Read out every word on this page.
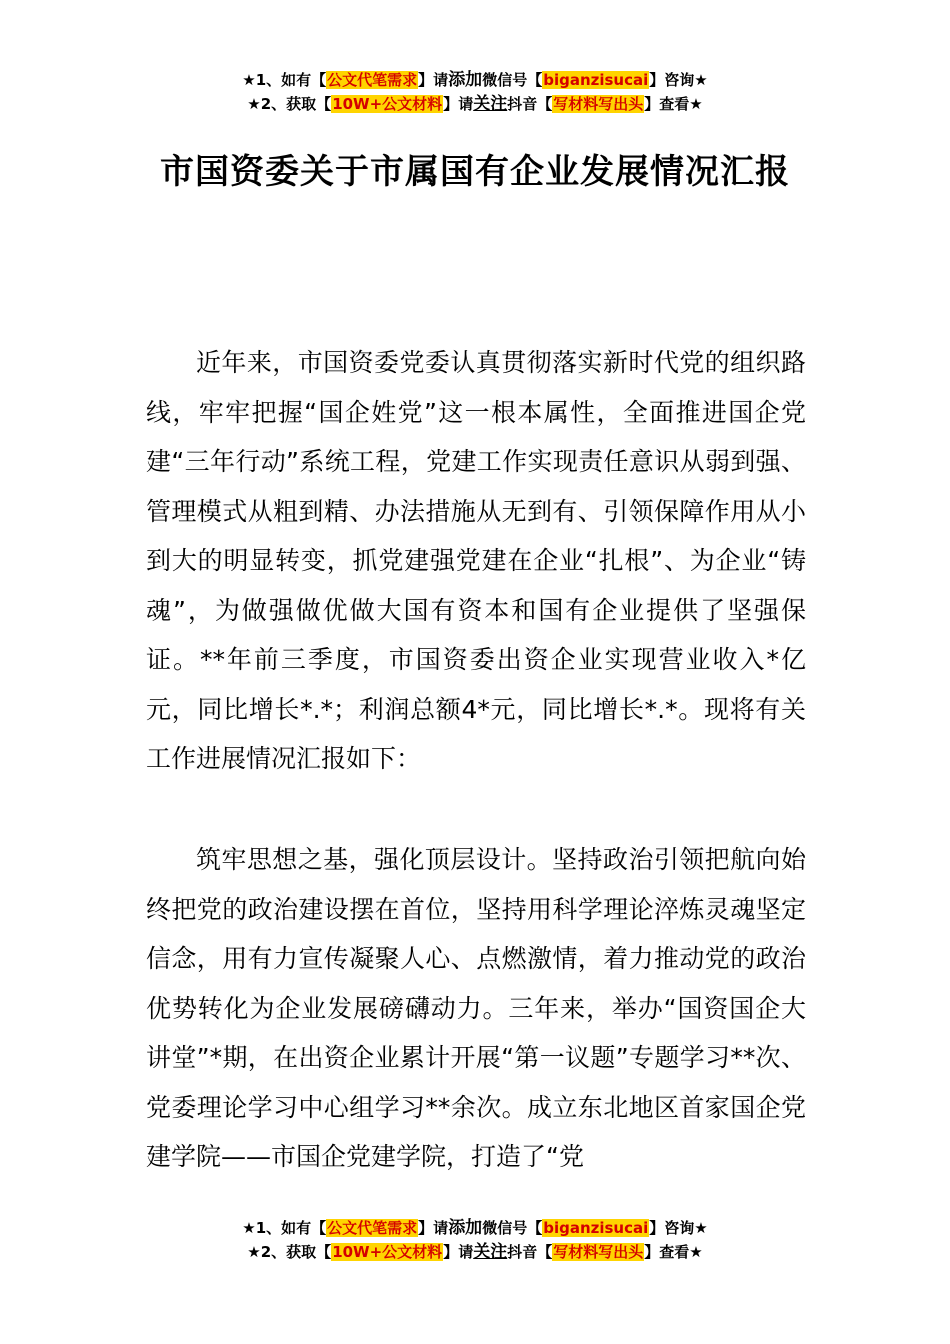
★1、如有【公文代笔需求】请添加微信号【biganzisucai】咨询★
★2、获取【10W+公文材料】请关注抖音【写材料写出头】查看★
市国资委关于市属国有企业发展情况汇报

近年来，市国资委党委认真贯彻落实新时代党的组织路线，牢牢把握“国企姓党”这一根本属性，全面推进国企党建“三年行动”系统工程，党建工作实现责任意识从弱到强、管理模式从粗到精、办法措施从无到有、引领保障作用从小到大的明显转变，抓党建强党建在企业“扎根”、为企业“铸魂”，为做强做优做大国有资本和国有企业提供了坚强保证。**年前三季度，市国资委出资企业实现营业收入*亿元，同比增长*.*；利润总额4*元，同比增长*.*。现将有关工作进展情况汇报如下：

筑牢思想之基，强化顶层设计。坚持政治引领把航向始终把党的政治建设摆在首位，坚持用科学理论淬炼灵魂坚定信念，用有力宣传凝聚人心、点燃激情，着力推动党的政治优势转化为企业发展磅礴动力。三年来，举办“国资国企大讲堂”*期，在出资企业累计开展“第一议题”专题学习**次、党委理论学习中心组学习**余次。成立东北地区首家国企党建学院——市国企党建学院，打造了“党

★1、如有【公文代笔需求】请添加微信号【biganzisucai】咨询★
★2、获取【10W+公文材料】请关注抖音【写材料写出头】查看★
